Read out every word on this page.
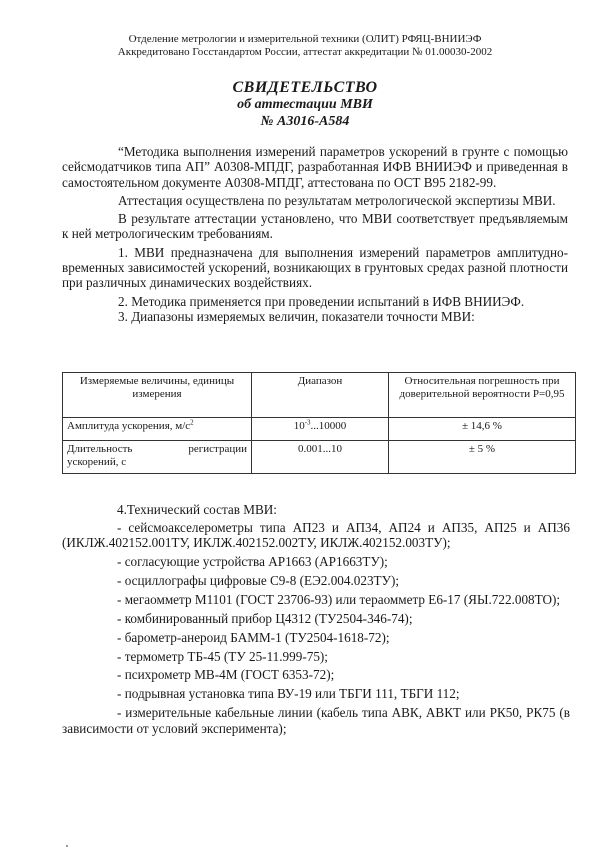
Отделение метрологии и измерительной техники (ОЛИТ) РФЯЦ-ВНИИЭФ
Аккредитовано Госстандартом России, аттестат аккредитации № 01.00030-2002
СВИДЕТЕЛЬСТВО
об аттестации МВИ
№ А3016-А584

“Методика выполнения измерений параметров ускорений в грунте с помощью сейсмодатчиков типа АП” А0308-МПДГ, разработанная ИФВ ВНИИЭФ и приведенная в самостоятельном документе А0308-МПДГ, аттестована по ОСТ В95 2182-99.

Аттестация осуществлена по результатам метрологической экспертизы МВИ.

В результате аттестации установлено, что МВИ соответствует предъявляемым к ней метрологическим требованиям.

1. МВИ предназначена для выполнения измерений параметров амплитудно-временных зависимостей ускорений, возникающих в грунтовых средах разной плотности при различных динамических воздействиях.

2. Методика применяется при проведении испытаний в ИФВ ВНИИЭФ.

3. Диапазоны измеряемых величин, показатели точности МВИ:

Измеряемые величины, единицы измерения	Диапазон	Относительная погрешность при доверительной вероятности Р=0,95
Амплитуда ускорения, $м/с^2$	$10^{-3}...10000$	± 14,6 %
Длительность регистрации ускорений, с	0.001...10	± 5 %

4.Технический состав МВИ:

- сейсмоакселерометры типа АП23 и АП34, АП24 и АП35, АП25 и АП36 (ИКЛЖ.402152.001ТУ, ИКЛЖ.402152.002ТУ, ИКЛЖ.402152.003ТУ);

- согласующие устройства АР1663 (АР1663ТУ);

- осциллографы цифровые С9-8 (ЕЭ2.004.023ТУ);

- мегаомметр М1101 (ГОСТ 23706-93) или тераомметр Е6-17 (ЯЫ.722.008ТО);

- комбинированный прибор Ц4312 (ТУ2504-346-74);

- барометр-анероид БАММ-1 (ТУ2504-1618-72);

- термометр ТБ-45 (ТУ 25-11.999-75);

- психрометр МВ-4М (ГОСТ 6353-72);

- подрывная установка типа ВУ-19 или ТБГИ 111, ТБГИ 112;

- измерительные кабельные линии (кабель типа АВК, АВКТ или РК50, РК75 (в зависимости от условий эксперимента);
